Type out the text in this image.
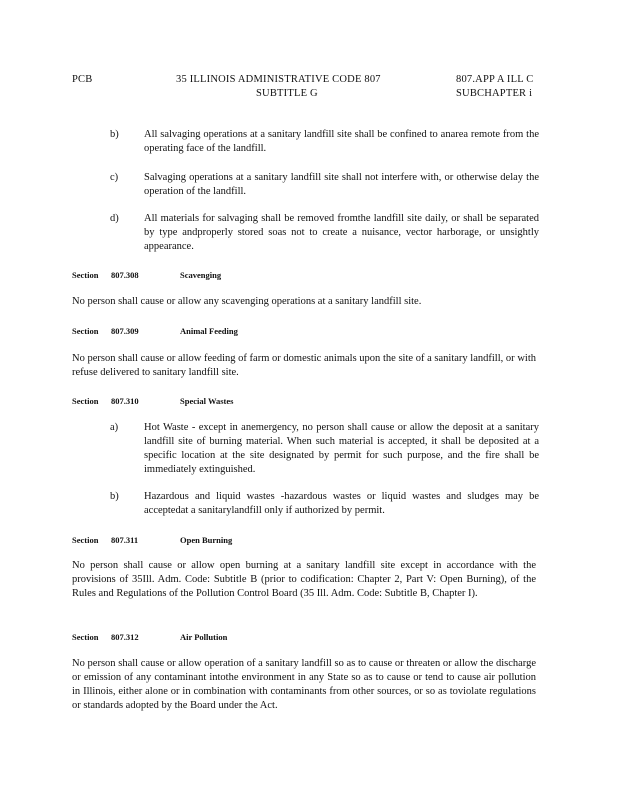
PCB	35 ILLINOIS ADMINISTRATIVE CODE 807
SUBTITLE G
807.APP A ILL C
SUBCHAPTER i
b) All salvaging operations at a sanitary landfill site shall be confined to anarea remote from the operating face of the landfill.
c) Salvaging operations at a sanitary landfill site shall not interfere with, or otherwise delay the operation of the landfill.
d) All materials for salvaging shall be removed fromthe landfill site daily, or shall be separated by type andproperly stored soas not to create a nuisance, vector harborage, or unsightly appearance.
Section 807.308	Scavenging
No person shall cause or allow any scavenging operations at a sanitary landfill site.
Section 807.309	Animal Feeding
No person shall cause or allow feeding of farm or domestic animals upon the site of a sanitary landfill, or with refuse delivered to sanitary landfill site.
Section 807.310	Special Wastes
a) Hot Waste - except in anemergency, no person shall cause or allow the deposit at a sanitary landfill site of burning material. When such material is accepted, it shall be deposited at a specific location at the site designated by permit for such purpose, and the fire shall be immediately extinguished.
b) Hazardous and liquid wastes -hazardous wastes or liquid wastes and sludges may be acceptedat a sanitarylandfill only if authorized by permit.
Section 807.311	Open Burning
No person shall cause or allow open burning at a sanitary landfill site except in accordance with the provisions of 35Ill. Adm. Code: Subtitle B (prior to codification: Chapter 2, Part V: Open Burning), of the Rules and Regulations of the Pollution Control Board (35 Ill. Adm. Code: Subtitle B, Chapter I).
Section 807.312	Air Pollution
No person shall cause or allow operation of a sanitary landfill so as to cause or threaten or allow the discharge or emission of any contaminant intothe environment in any State so as to cause or tend to cause air pollution in Illinois, either alone or in combination with contaminants from other sources, or so as toviolate regulations or standards adopted by the Board under the Act.
